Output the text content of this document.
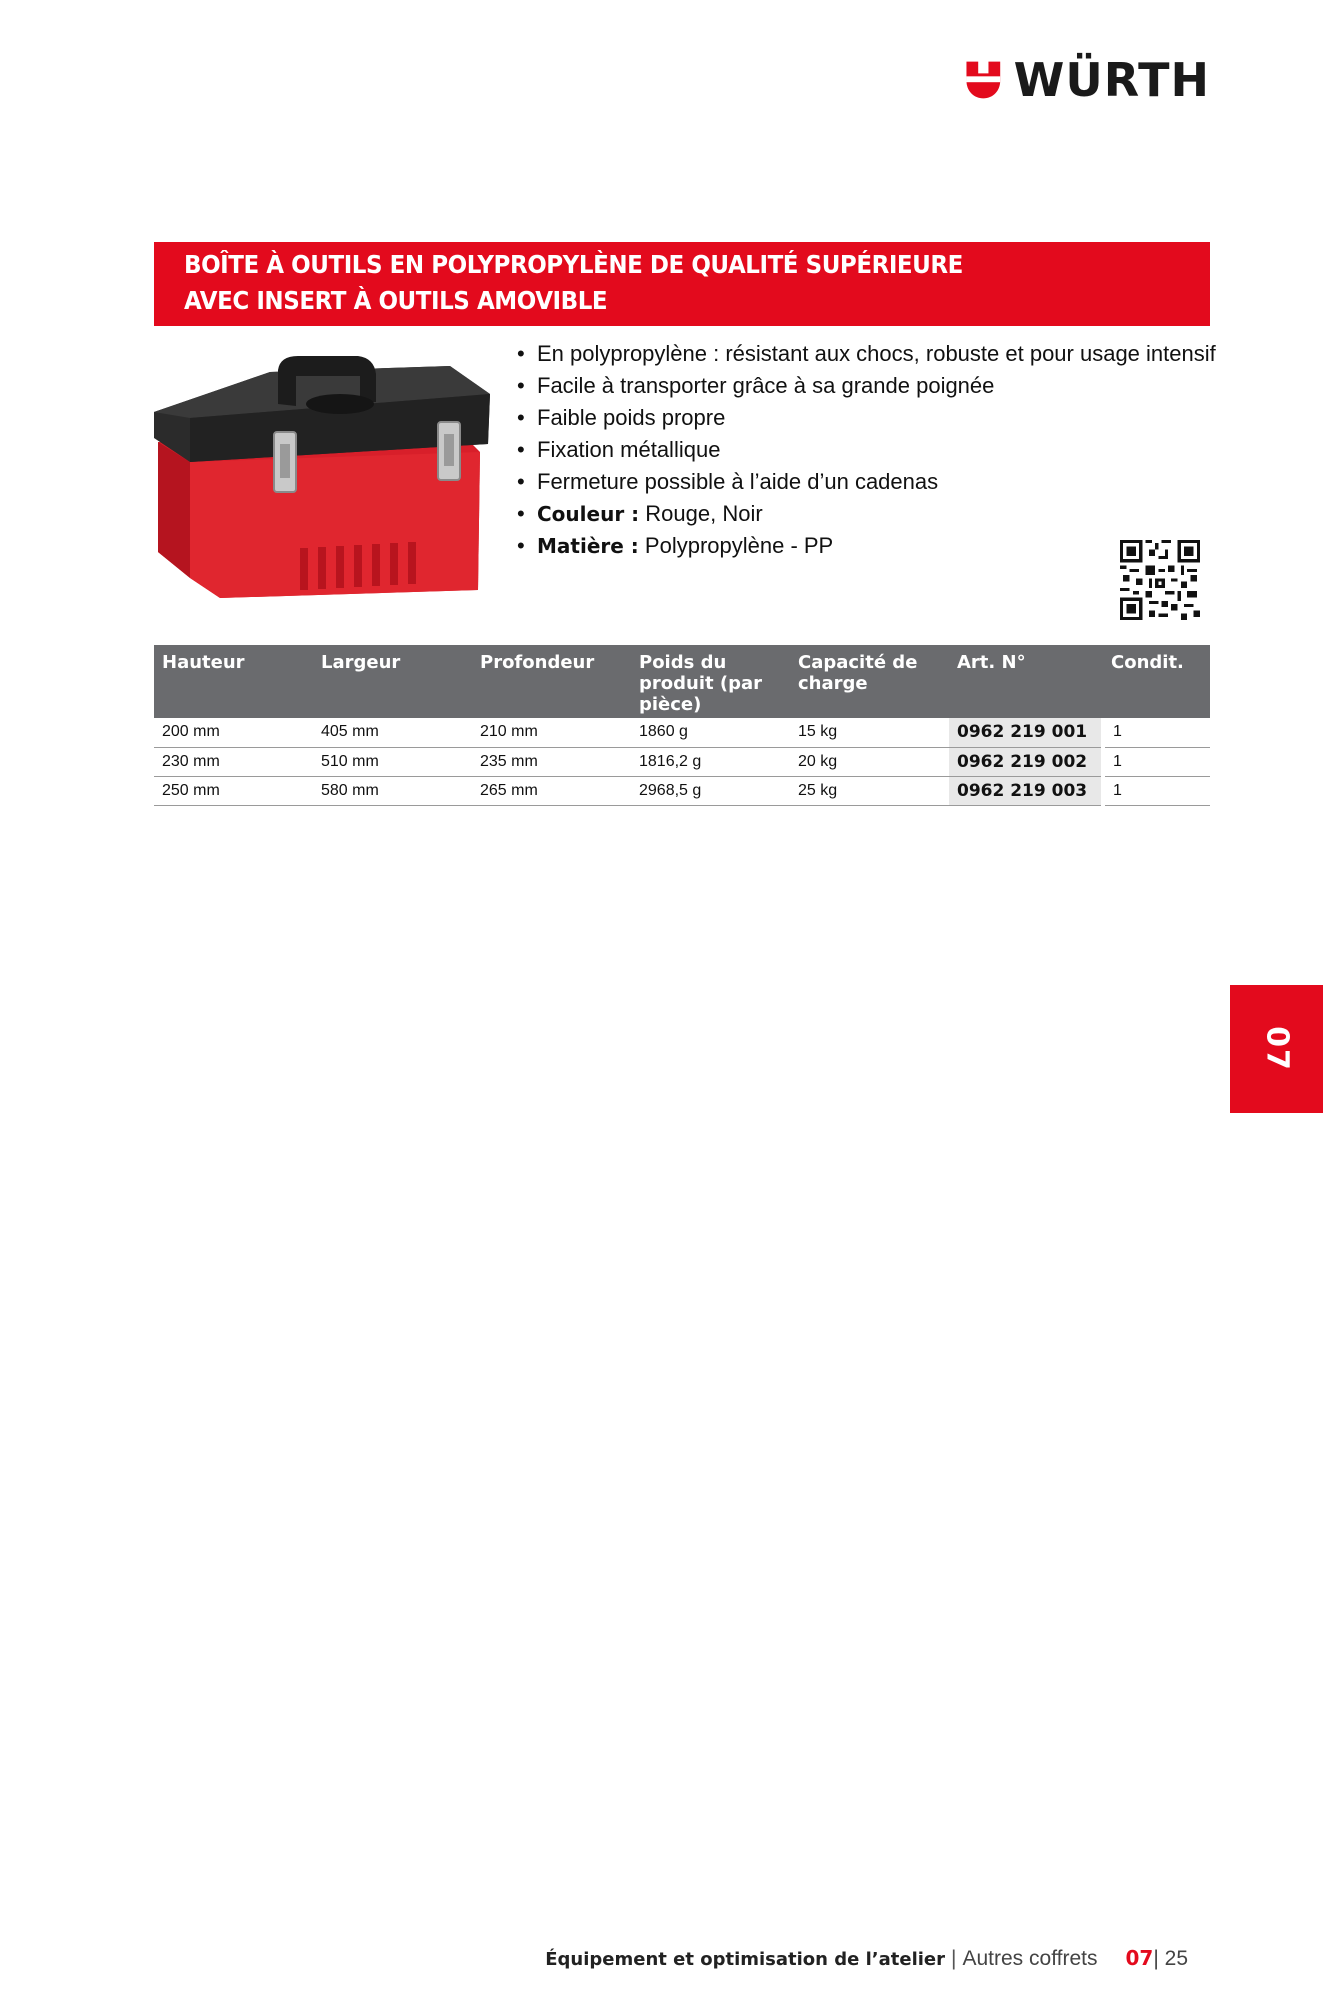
WÜRTH
BOÎTE À OUTILS EN POLYPROPYLÈNE DE QUALITÉ SUPÉRIEURE
AVEC INSERT À OUTILS AMOVIBLE
• En polypropylène : résistant aux chocs, robuste et pour usage intensif
• Facile à transporter grâce à sa grande poignée
• Faible poids propre
• Fixation métallique
• Fermeture possible à l’aide d’un cadenas
• Couleur : Rouge, Noir
• Matière : Polypropylène - PP
Hauteur	Largeur	Profondeur	Poids du produit (par pièce)	Capacité de charge	Art. N°	Condit.
200 mm	405 mm	210 mm	1860 g	15 kg	0962 219 001	1
230 mm	510 mm	235 mm	1816,2 g	20 kg	0962 219 002	1
250 mm	580 mm	265 mm	2968,5 g	25 kg	0962 219 003	1
07
Équipement et optimisation de l’atelier | Autres coffrets 07| 25
